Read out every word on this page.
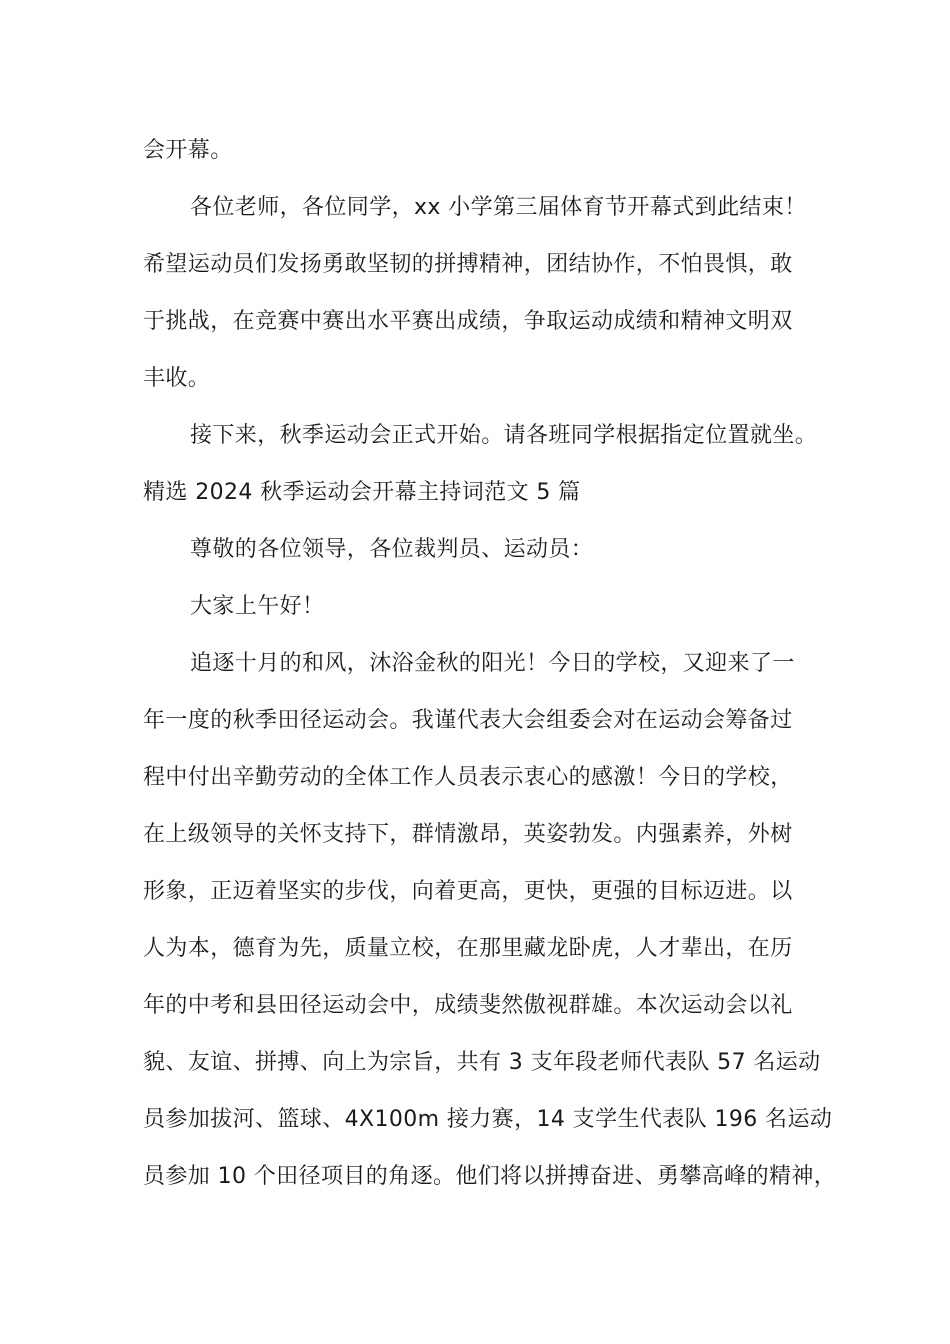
会开幕。
各位老师，各位同学，xx 小学第三届体育节开幕式到此结束！
希望运动员们发扬勇敢坚韧的拼搏精神，团结协作，不怕畏惧，敢
于挑战，在竞赛中赛出水平赛出成绩，争取运动成绩和精神文明双
丰收。
接下来，秋季运动会正式开始。请各班同学根据指定位置就坐。
精选 2024 秋季运动会开幕主持词范文 5 篇
尊敬的各位领导，各位裁判员、运动员：
大家上午好！
追逐十月的和风，沐浴金秋的阳光！今日的学校，又迎来了一
年一度的秋季田径运动会。我谨代表大会组委会对在运动会筹备过
程中付出辛勤劳动的全体工作人员表示衷心的感激！今日的学校，
在上级领导的关怀支持下，群情激昂，英姿勃发。内强素养，外树
形象，正迈着坚实的步伐，向着更高，更快，更强的目标迈进。以
人为本，德育为先，质量立校，在那里藏龙卧虎，人才辈出，在历
年的中考和县田径运动会中，成绩斐然傲视群雄。本次运动会以礼
貌、友谊、拼搏、向上为宗旨，共有 3 支年段老师代表队 57 名运动
员参加拔河、篮球、4X100m 接力赛，14 支学生代表队 196 名运动
员参加 10 个田径项目的角逐。他们将以拼搏奋进、勇攀高峰的精神，
